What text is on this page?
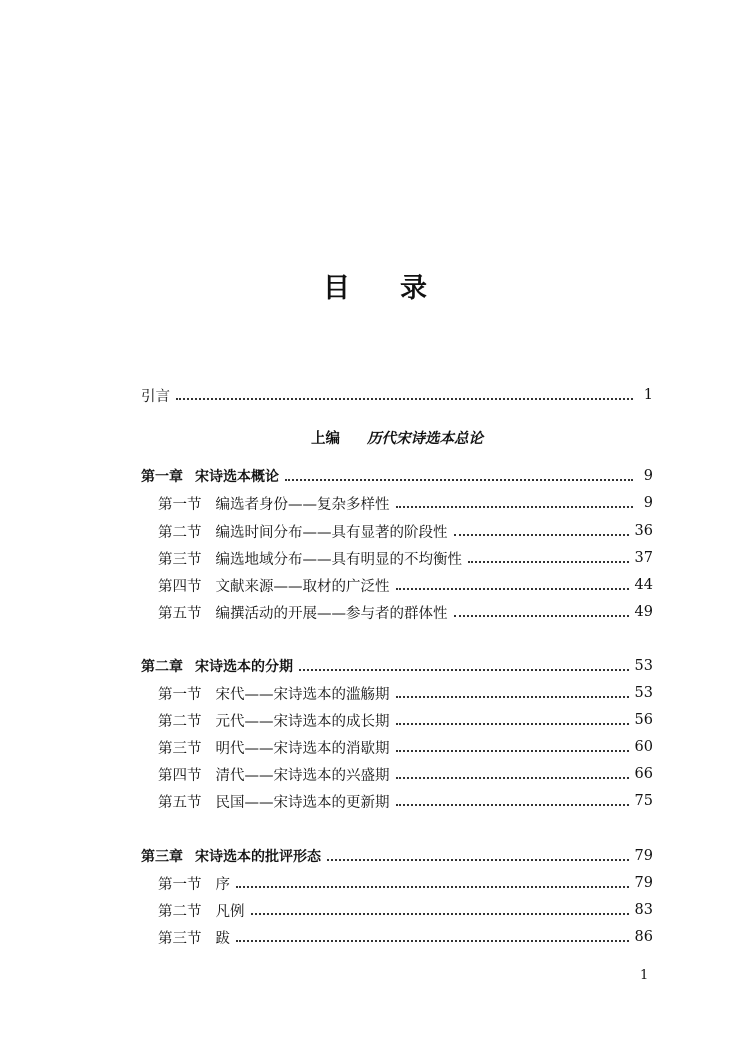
目录
引言	1
上编 历代宋诗选本总论
第一章 宋诗选本概论	9
第一节 编选者身份——复杂多样性	9
第二节 编选时间分布——具有显著的阶段性	36
第三节 编选地域分布——具有明显的不均衡性	37
第四节 文献来源——取材的广泛性	44
第五节 编撰活动的开展——参与者的群体性	49
第二章 宋诗选本的分期	53
第一节 宋代——宋诗选本的滥觞期	53
第二节 元代——宋诗选本的成长期	56
第三节 明代——宋诗选本的消歇期	60
第四节 清代——宋诗选本的兴盛期	66
第五节 民国——宋诗选本的更新期	75
第三章 宋诗选本的批评形态	79
第一节 序	79
第二节 凡例	83
第三节 跋	86
1
